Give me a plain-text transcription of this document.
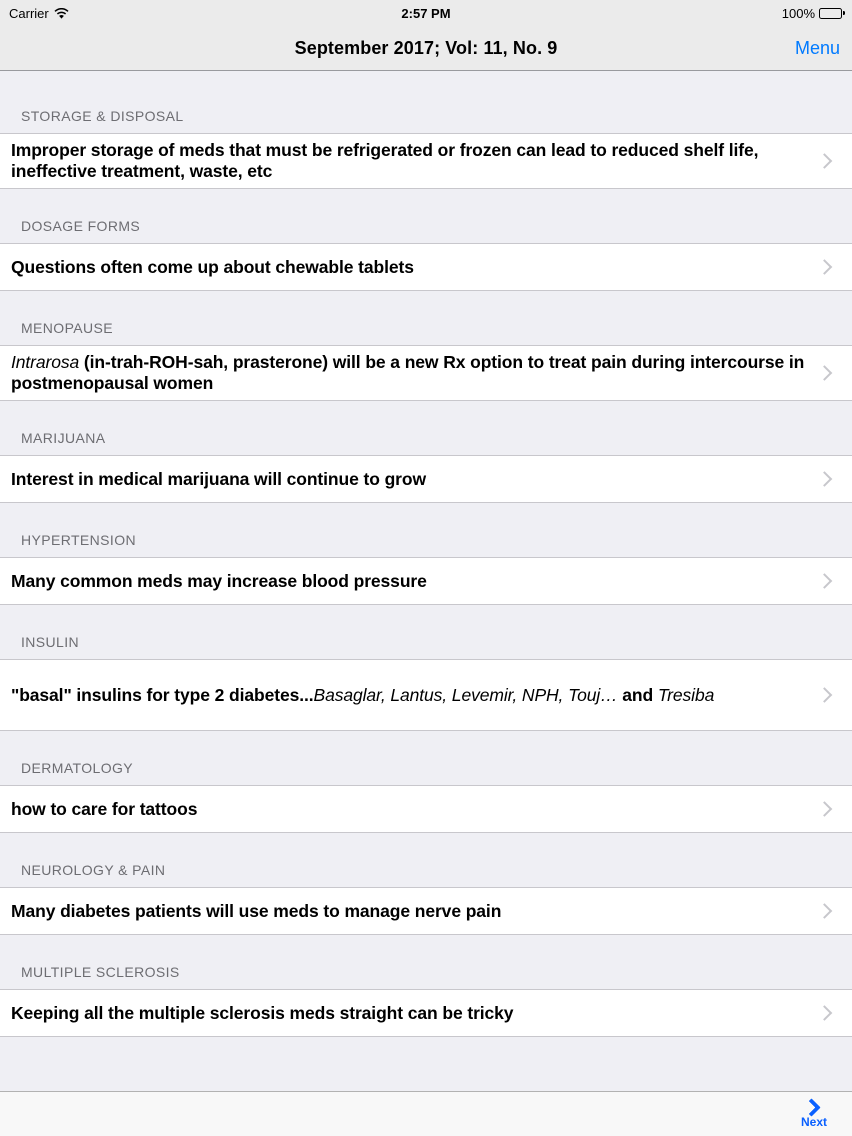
Carrier	2:57 PM	100%
September 2017; Vol: 11, No. 9	Menu
STORAGE & DISPOSAL
Improper storage of meds that must be refrigerated or frozen can lead to reduced shelf life, ineffective treatment, waste, etc
DOSAGE FORMS
Questions often come up about chewable tablets
MENOPAUSE
Intrarosa (in-trah-ROH-sah, prasterone) will be a new Rx option to treat pain during intercourse in postmenopausal women
MARIJUANA
Interest in medical marijuana will continue to grow
HYPERTENSION
Many common meds may increase blood pressure
INSULIN
"basal" insulins for type 2 diabetes...Basaglar, Lantus, Levemir, NPH, Touj… and Tresiba
DERMATOLOGY
how to care for tattoos
NEUROLOGY & PAIN
Many diabetes patients will use meds to manage nerve pain
MULTIPLE SCLEROSIS
Keeping all the multiple sclerosis meds straight can be tricky
Next
